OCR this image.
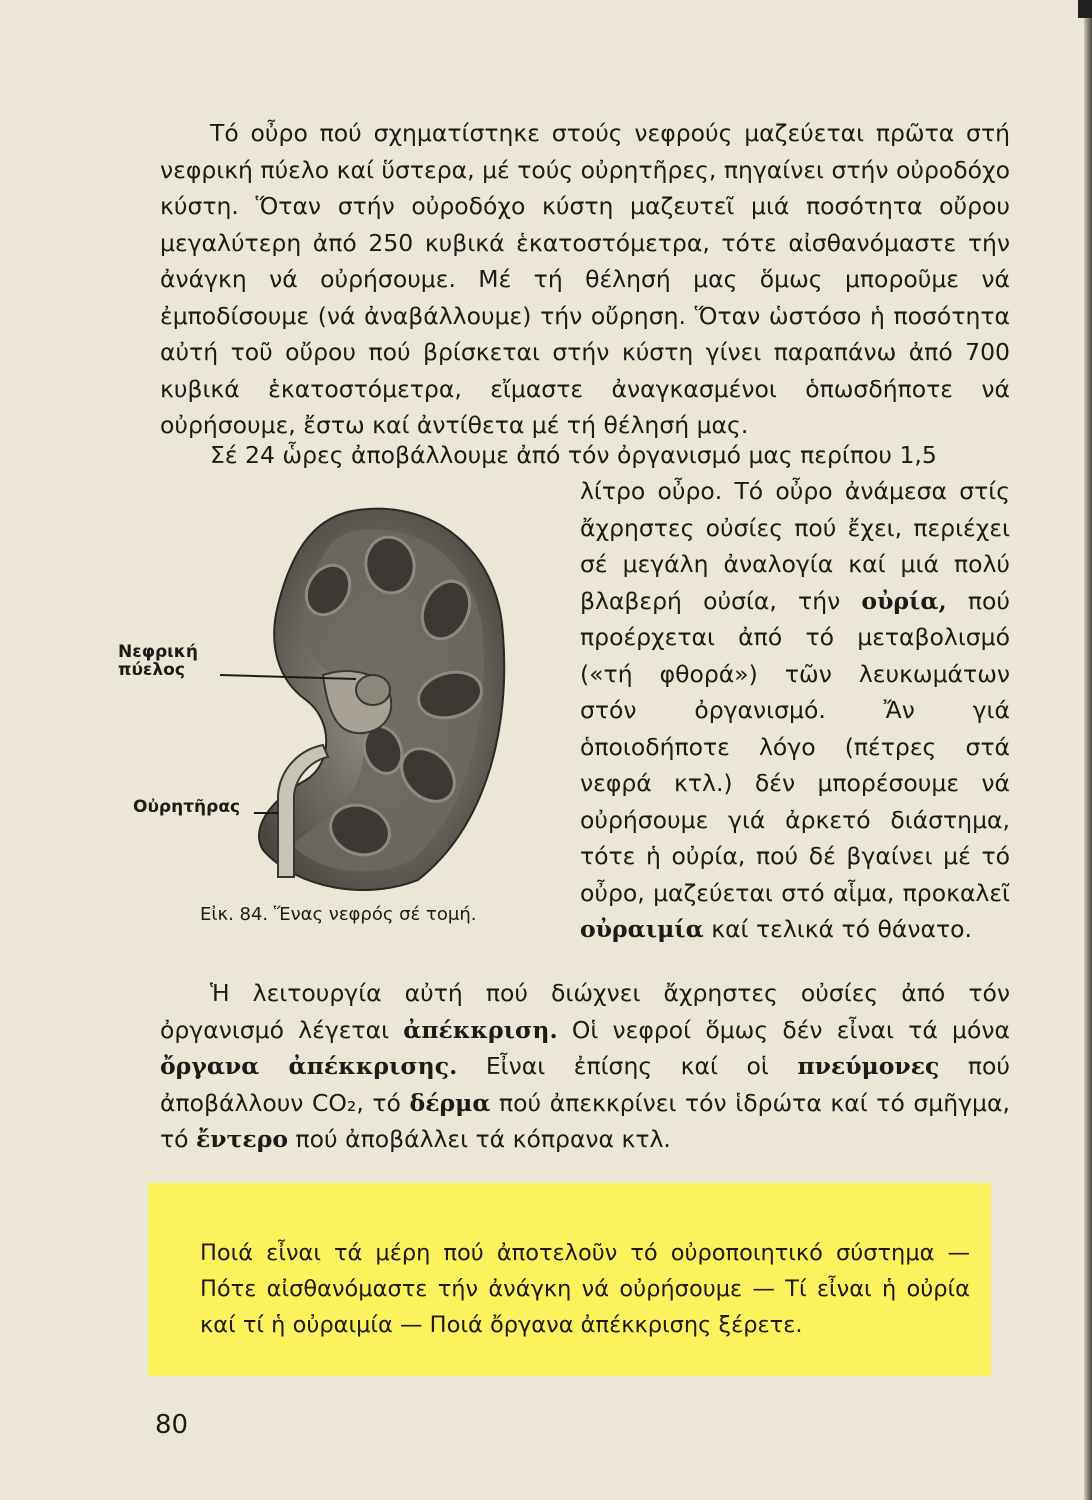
Τό οὖρο πού σχηματίστηκε στούς νεφρούς μαζεύεται πρῶτα στή νεφρική πύελο καί ὕστερα, μέ τούς οὐρητῆρες, πηγαίνει στήν οὐροδόχο κύστη. Ὅταν στήν οὐροδόχο κύστη μαζευτεῖ μιά ποσότητα οὔρου μεγαλύτερη ἀπό 250 κυβικά ἑκατοστόμετρα, τότε αἰσθανόμαστε τήν ἀνάγκη νά οὐρήσουμε. Μέ τή θέλησή μας ὅμως μποροῦμε νά ἐμποδίσουμε (νά ἀναβάλλουμε) τήν οὔρηση. Ὅταν ὡστόσο ἡ ποσότητα αὐτή τοῦ οὔρου πού βρίσκεται στήν κύστη γίνει παραπάνω ἀπό 700 κυβικά ἑκατοστόμετρα, εἴμαστε ἀναγκασμένοι ὁπωσδήποτε νά οὐρήσουμε, ἔστω καί ἀντίθετα μέ τή θέλησή μας.

Σέ 24 ὧρες ἀποβάλλουμε ἀπό τόν ὀργανισμό μας περίπου 1,5

λίτρο οὖρο. Τό οὖρο ἀνάμεσα στίς ἄχρηστες οὐσίες πού ἔχει, περιέχει σέ μεγάλη ἀναλογία καί μιά πολύ βλαβερή οὐσία, τήν οὐρία, πού προέρχεται ἀπό τό μεταβολισμό («τή φθορά») τῶν λευκωμάτων στόν ὀργανισμό. Ἄν γιά ὁποιοδήποτε λόγο (πέτρες στά νεφρά κτλ.) δέν μπορέσουμε νά οὐρήσουμε γιά ἀρκετό διάστημα, τότε ἡ οὐρία, πού δέ βγαίνει μέ τό οὖρο, μαζεύεται στό αἷμα, προκαλεῖ οὐραιμία καί τελικά τό θάνατο.

Νεφρική
πύελος
Οὐρητῆρας
Εἰκ. 84. Ἕνας νεφρός σέ τομή.

Ἡ λειτουργία αὐτή πού διώχνει ἄχρηστες οὐσίες ἀπό τόν ὀργανισμό λέγεται ἀπέκκριση. Οἱ νεφροί ὅμως δέν εἶναι τά μόνα ὄργανα ἀπέκκρισης. Εἶναι ἐπίσης καί οἱ πνεύμονες πού ἀποβάλλουν CO₂, τό δέρμα πού ἀπεκκρίνει τόν ἱδρώτα καί τό σμῆγμα, τό ἔντερο πού ἀποβάλλει τά κόπρανα κτλ.

Ποιά εἶναι τά μέρη πού ἀποτελοῦν τό οὐροποιητικό σύστημα — Πότε αἰσθανόμαστε τήν ἀνάγκη νά οὐρήσουμε — Τί εἶναι ἡ οὐρία καί τί ἡ οὐραιμία — Ποιά ὄργανα ἀπέκκρισης ξέρετε.

80
